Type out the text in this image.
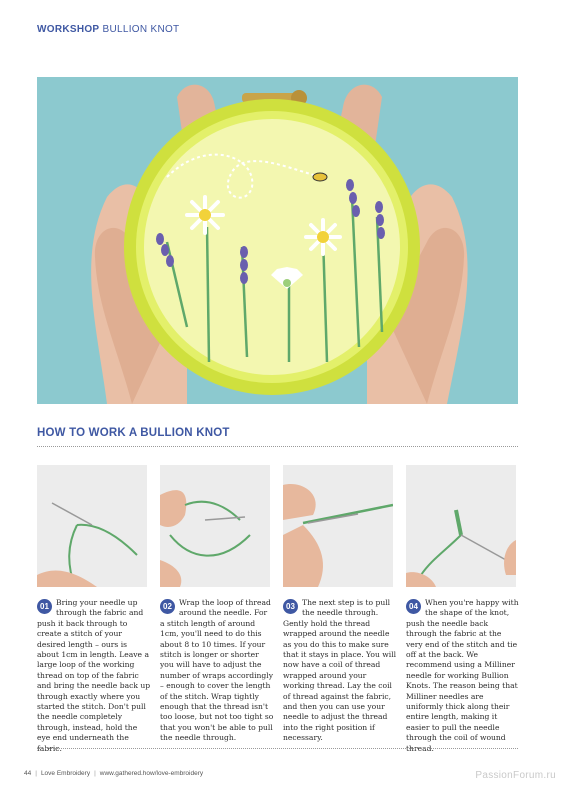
WORKSHOP BULLION KNOT
HOW TO WORK A BULLION KNOT
01 Bring your needle up through the fabric and push it back through to create a stitch of your desired length – ours is about 1cm in length. Leave a large loop of the working thread on top of the fabric and bring the needle back up through exactly where you started the stitch. Don't pull the needle completely through, instead, hold the eye end underneath the fabric.
02 Wrap the loop of thread around the needle. For a stitch length of around 1cm, you'll need to do this about 8 to 10 times. If your stitch is longer or shorter you will have to adjust the number of wraps accordingly – enough to cover the length of the stitch. Wrap tightly enough that the thread isn't too loose, but not too tight so that you won't be able to pull the needle through.
03 The next step is to pull the needle through. Gently hold the thread wrapped around the needle as you do this to make sure that it stays in place. You will now have a coil of thread wrapped around your working thread. Lay the coil of thread against the fabric, and then you can use your needle to adjust the thread into the right position if necessary.
04 When you're happy with the shape of the knot, push the needle back through the fabric at the very end of the stitch and tie off at the back. We recommend using a Milliner needle for working Bullion Knots. The reason being that Milliner needles are uniformly thick along their entire length, making it easier to pull the needle through the coil of wound thread.
44 | Love Embroidery | www.gathered.how/love-embroidery	PassionForum.ru
